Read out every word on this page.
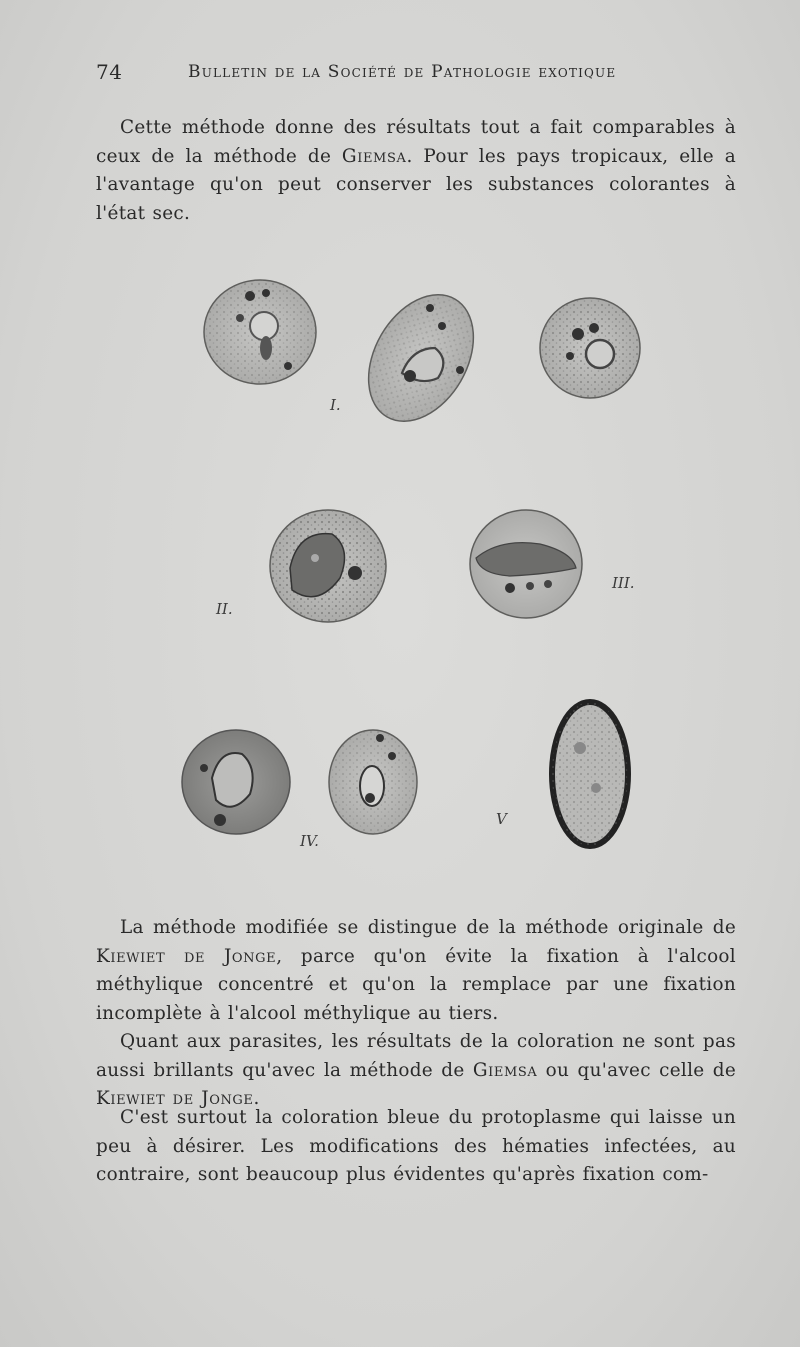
74	Bulletin de la Société de Pathologie exotique

Cette méthode donne des résultats tout a fait comparables à ceux de la méthode de Giemsa. Pour les pays tropicaux, elle a l'avantage qu'on peut conserver les substances colorantes à l'état sec.

I.
II.
III.
IV.
V

La méthode modifiée se distingue de la méthode originale de Kiewiet de Jonge, parce qu'on évite la fixation à l'alcool méthylique concentré et qu'on la remplace par une fixation incomplète à l'alcool méthylique au tiers.

Quant aux parasites, les résultats de la coloration ne sont pas aussi brillants qu'avec la méthode de Giemsa ou qu'avec celle de Kiewiet de Jonge.

C'est surtout la coloration bleue du protoplasme qui laisse un peu à désirer. Les modifications des hématies infectées, au contraire, sont beaucoup plus évidentes qu'après fixation com-
